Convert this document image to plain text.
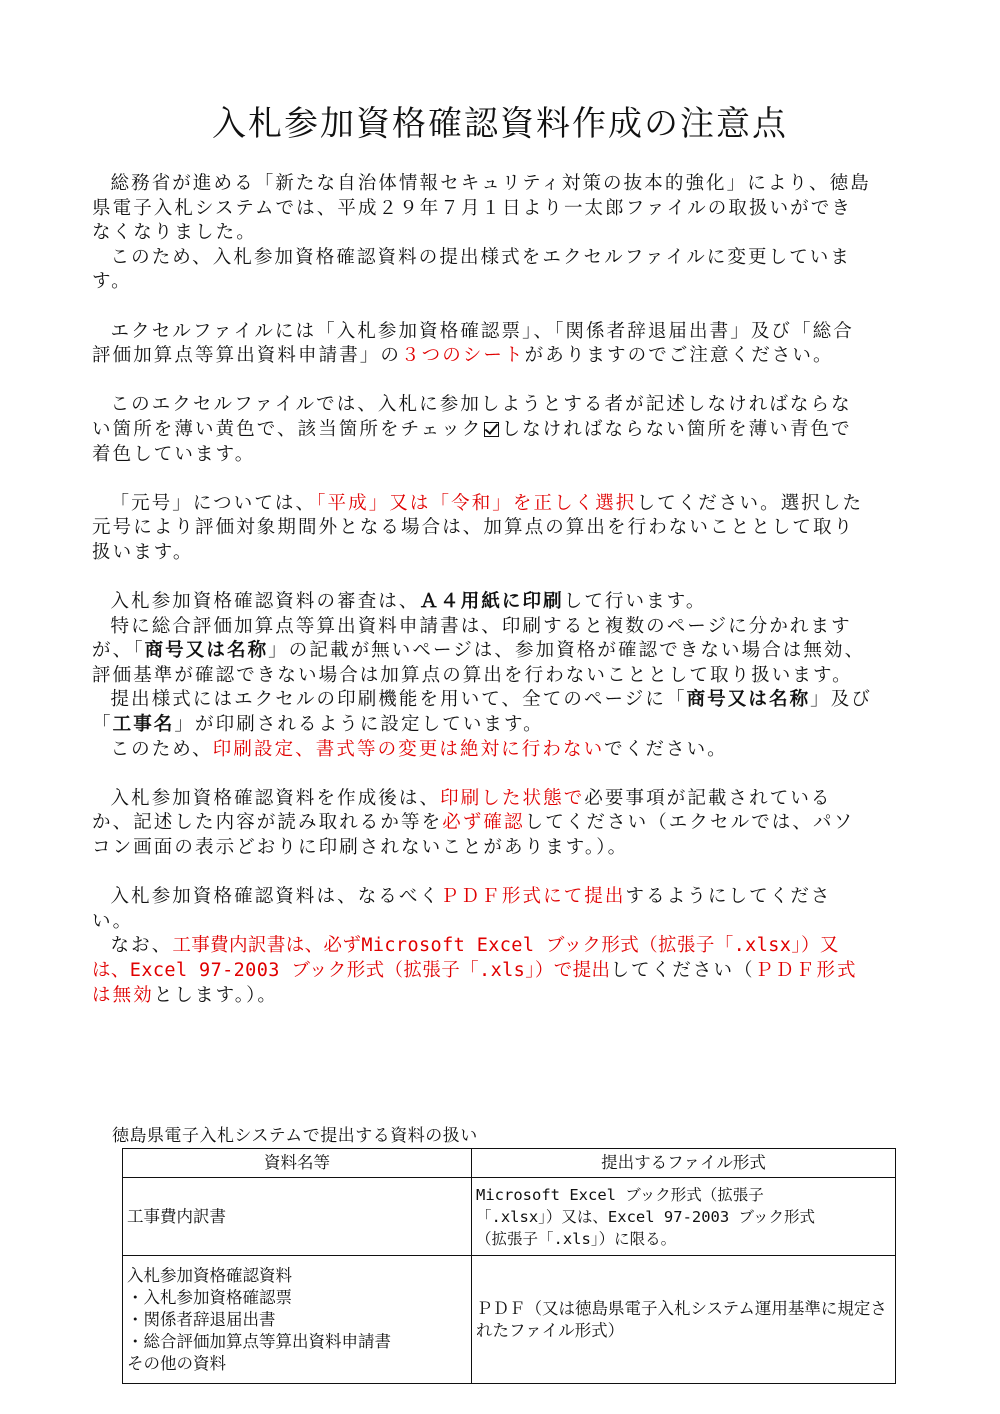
入札参加資格確認資料作成の注意点

総務省が進める「新たな自治体情報セキュリティ対策の抜本的強化」により、徳島県電子入札システムでは、平成２９年７月１日より一太郎ファイルの取扱いができなくなりました。

このため、入札参加資格確認資料の提出様式をエクセルファイルに変更しています。

エクセルファイルには「入札参加資格確認票」、「関係者辞退届出書」及び「総合評価加算点等算出資料申請書」の３つのシートがありますのでご注意ください。

このエクセルファイルでは、入札に参加しようとする者が記述しなければならない箇所を薄い黄色で、該当箇所をチェック しなければならない箇所を薄い青色で着色しています。

「元号」については、「平成」又は「令和」を正しく選択してください。選択した元号により評価対象期間外となる場合は、加算点の算出を行わないこととして取り扱います。

入札参加資格確認資料の審査は、Ａ４用紙に印刷して行います。

特に総合評価加算点等算出資料申請書は、印刷すると複数のページに分かれますが、「商号又は名称」の記載が無いページは、参加資格が確認できない場合は無効、評価基準が確認できない場合は加算点の算出を行わないこととして取り扱います。

提出様式にはエクセルの印刷機能を用いて、全てのページに「商号又は名称」及び「工事名」が印刷されるように設定しています。

このため、印刷設定、書式等の変更は絶対に行わないでください。

入札参加資格確認資料を作成後は、印刷した状態で必要事項が記載されているか、記述した内容が読み取れるか等を必ず確認してください（エクセルでは、パソコン画面の表示どおりに印刷されないことがあります。）。

入札参加資格確認資料は、なるべくＰＤＦ形式にて提出するようにしてください。

なお、工事費内訳書は、必ずMicrosoft Excel ブック形式（拡張子「.xlsx」）又は、Excel 97-2003 ブック形式（拡張子「.xls」）で提出してください（ＰＤＦ形式は無効とします。）。

徳島県電子入札システムで提出する資料の扱い
資料名等	提出するファイル形式
工事費内訳書	Microsoft Excel ブック形式（拡張子
「.xlsx」）又は、Excel 97-2003 ブック形式
（拡張子「.xls」）に限る。

入札参加資格確認資料
・入札参加資格確認票
・関係者辞退届出書
・総合評価加算点等算出資料申請書
その他の資料	ＰＤＦ（又は徳島県電子入札システム運用基準に規定されたファイル形式）
